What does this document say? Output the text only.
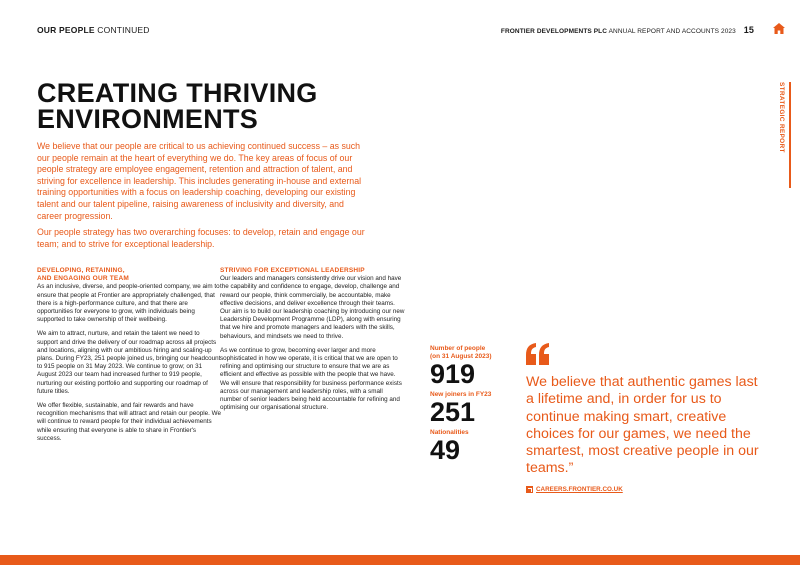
OUR PEOPLE CONTINUED	FRONTIER DEVELOPMENTS PLC ANNUAL REPORT AND ACCOUNTS 2023 15
STRATEGIC REPORT
CREATING THRIVING ENVIRONMENTS

We believe that our people are critical to us achieving continued success – as such our people remain at the heart of everything we do. The key areas of focus of our people strategy are employee engagement, retention and attraction of talent, and striving for excellence in leadership. This includes generating in-house and external training opportunities with a focus on leadership coaching, developing our existing talent and our talent pipeline, raising awareness of inclusivity and diversity, and career progression.

Our people strategy has two overarching focuses: to develop, retain and engage our team; and to strive for exceptional leadership.

DEVELOPING, RETAINING,
AND ENGAGING OUR TEAM

As an inclusive, diverse, and people-oriented company, we aim to ensure that people at Frontier are appropriately challenged, that there is a high-performance culture, and that there are opportunities for everyone to grow, with individuals being supported to take ownership of their wellbeing.

We aim to attract, nurture, and retain the talent we need to support and drive the delivery of our roadmap across all projects and locations, aligning with our ambitious hiring and scaling-up plans. During FY23, 251 people joined us, bringing our headcount to 915 people on 31 May 2023. We continue to grow; on 31 August 2023 our team had increased further to 919 people, nurturing our existing portfolio and supporting our roadmap of future titles.

We offer flexible, sustainable, and fair rewards and have recognition mechanisms that will attract and retain our people. We will continue to reward people for their individual achievements while ensuring that everyone is able to share in Frontier's success.

STRIVING FOR EXCEPTIONAL LEADERSHIP

Our leaders and managers consistently drive our vision and have the capability and confidence to engage, develop, challenge and reward our people, think commercially, be accountable, make effective decisions, and deliver excellence through their teams. Our aim is to build our leadership coaching by introducing our new Leadership Development Programme (LDP), along with ensuring that we hire and promote managers and leaders with the skills, behaviours, and mindsets we need to thrive.

As we continue to grow, becoming ever larger and more sophisticated in how we operate, it is critical that we are open to refining and optimising our structure to ensure that we are as efficient and effective as possible with the people that we have. We will ensure that responsibility for business performance exists across our management and leadership roles, with a small number of senior leaders being held accountable for refining and optimising our organisational structure.

Number of people
(on 31 August 2023)
919
New joiners in FY23
251
Nationalities
49
We believe that authentic games last a lifetime and, in order for us to continue making smart, creative choices for our games, we need the smartest, most creative people in our teams.”
CAREERS.FRONTIER.CO.UK
